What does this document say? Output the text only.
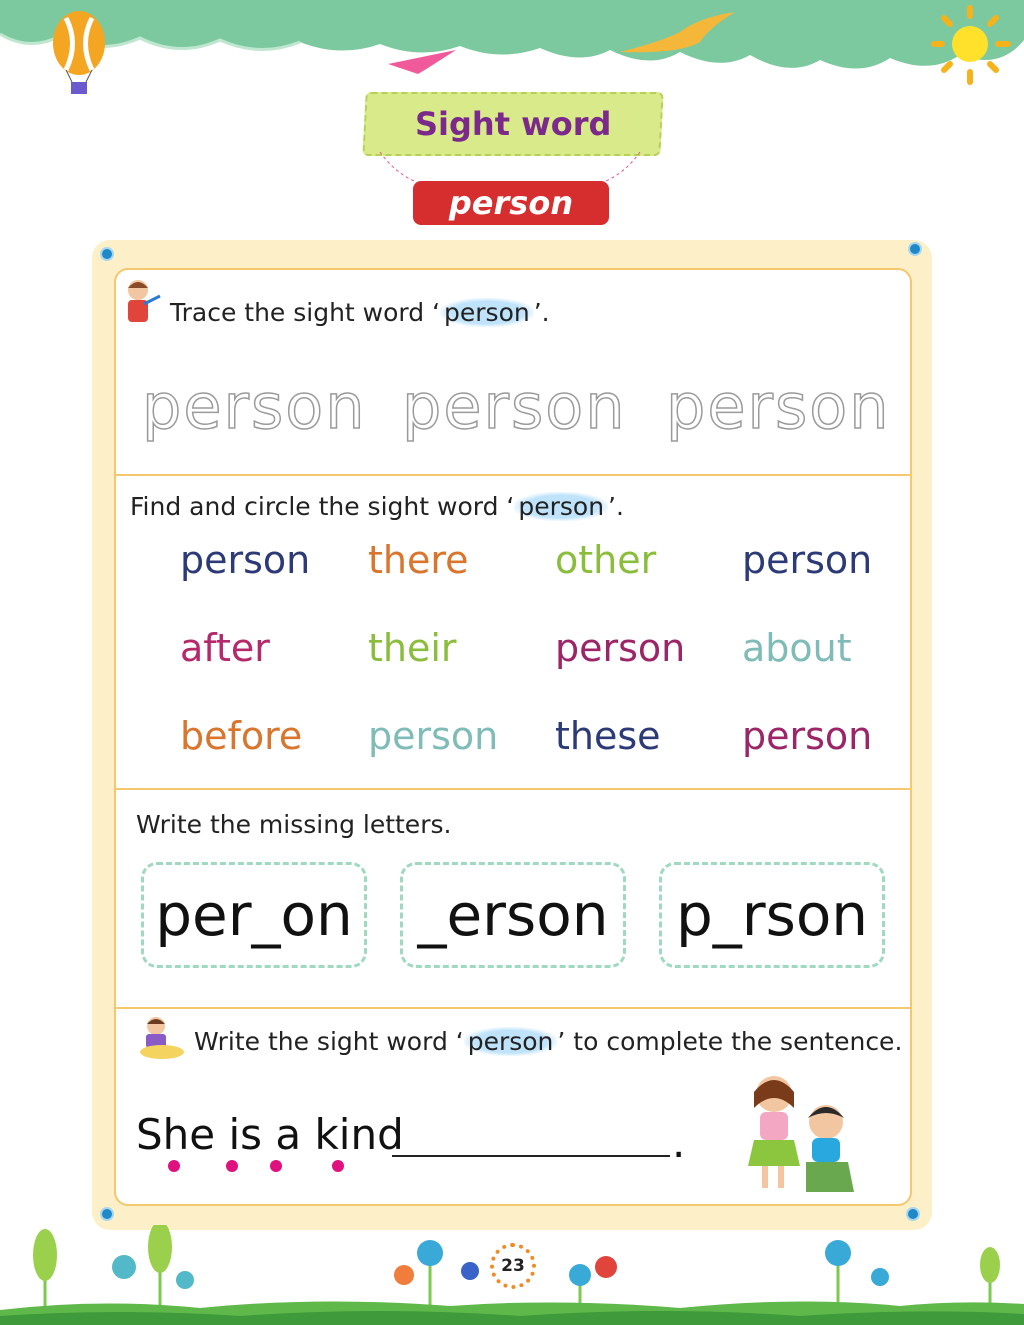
Sight word
person
Trace the sight word ‘ person ’.
person person person
Find and circle the sight word ‘ person ’.
person there other person
after	their	person about
before person these person
Write the missing letters.
per_on	_erson	p_rson
Write the sight word ‘ person ’ to complete the sentence.
She is a kind	.
23
